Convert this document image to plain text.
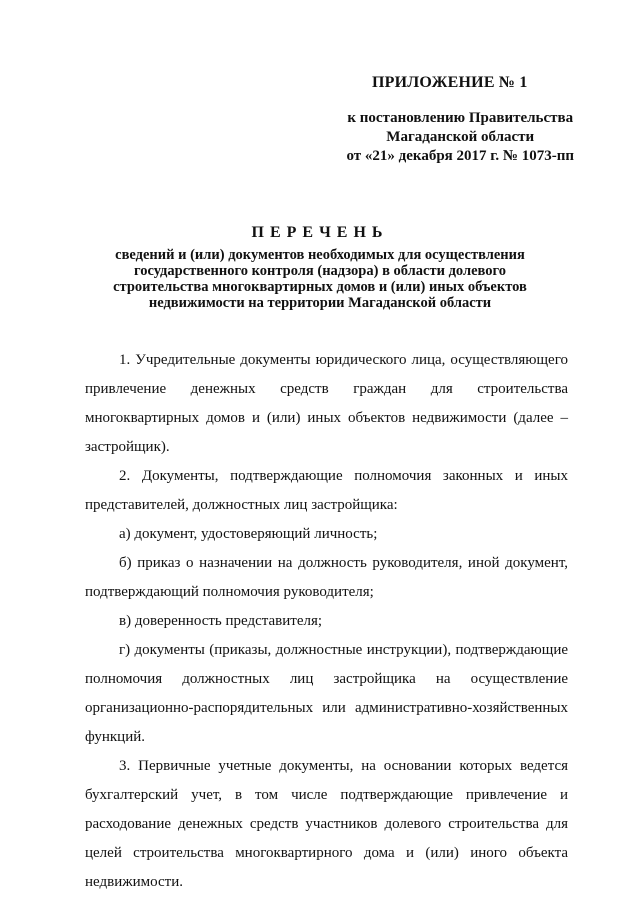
ПРИЛОЖЕНИЕ № 1
к постановлению Правительства
Магаданской области
от «21» декабря 2017 г. № 1073-пп
ПЕРЕЧЕНЬ
сведений и (или) документов необходимых для осуществления
государственного контроля (надзора) в области долевого
строительства многоквартирных домов и (или) иных объектов
недвижимости на территории Магаданской области

1. Учредительные документы юридического лица, осуществляющего привлечение денежных средств граждан для строительства многоквартирных домов и (или) иных объектов недвижимости (далее – застройщик).

2. Документы, подтверждающие полномочия законных и иных представителей, должностных лиц застройщика:

а) документ, удостоверяющий личность;

б) приказ о назначении на должность руководителя, иной документ, подтверждающий полномочия руководителя;

в) доверенность представителя;

г) документы (приказы, должностные инструкции), подтверждающие полномочия должностных лиц застройщика на осуществление организационно-распорядительных или административно-хозяйственных функций.

3. Первичные учетные документы, на основании которых ведется бухгалтерский учет, в том числе подтверждающие привлечение и расходование денежных средств участников долевого строительства для целей строительства многоквартирного дома и (или) иного объекта недвижимости.
